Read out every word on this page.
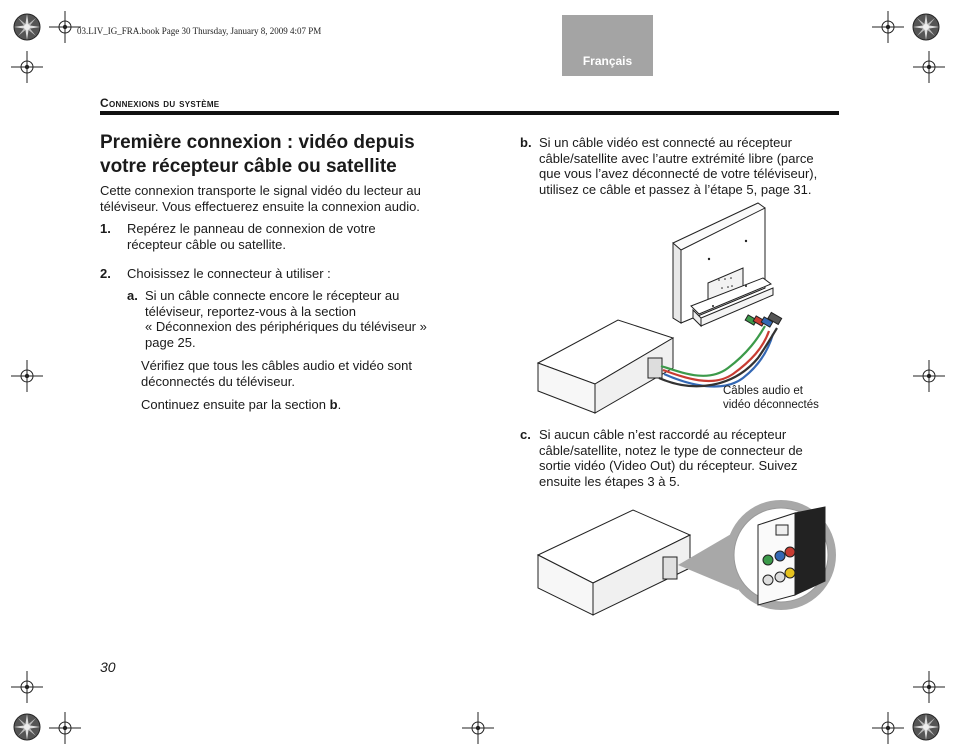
03.LIV_IG_FRA.book Page 30 Thursday, January 8, 2009 4:07 PM
Français
Connexions du système
Première connexion : vidéo depuis
votre récepteur câble ou satellite
Cette connexion transporte le signal vidéo du lecteur au
téléviseur. Vous effectuerez ensuite la connexion audio.
1. Repérez le panneau de connexion de votre
récepteur câble ou satellite.
2. Choisissez le connecteur à utiliser :
a. Si un câble connecte encore le récepteur au
téléviseur, reportez-vous à la section
« Déconnexion des périphériques du téléviseur »
page 25.
Vérifiez que tous les câbles audio et vidéo sont
déconnectés du téléviseur.
Continuez ensuite par la section b.
b. Si un câble vidéo est connecté au récepteur
câble/satellite avec l’autre extrémité libre (parce
que vous l’avez déconnecté de votre téléviseur),
utilisez ce câble et passez à l’étape 5, page 31.
Câbles audio et
vidéo déconnectés
c. Si aucun câble n’est raccordé au récepteur
câble/satellite, notez le type de connecteur de
sortie vidéo (Video Out) du récepteur. Suivez
ensuite les étapes 3 à 5.
30
